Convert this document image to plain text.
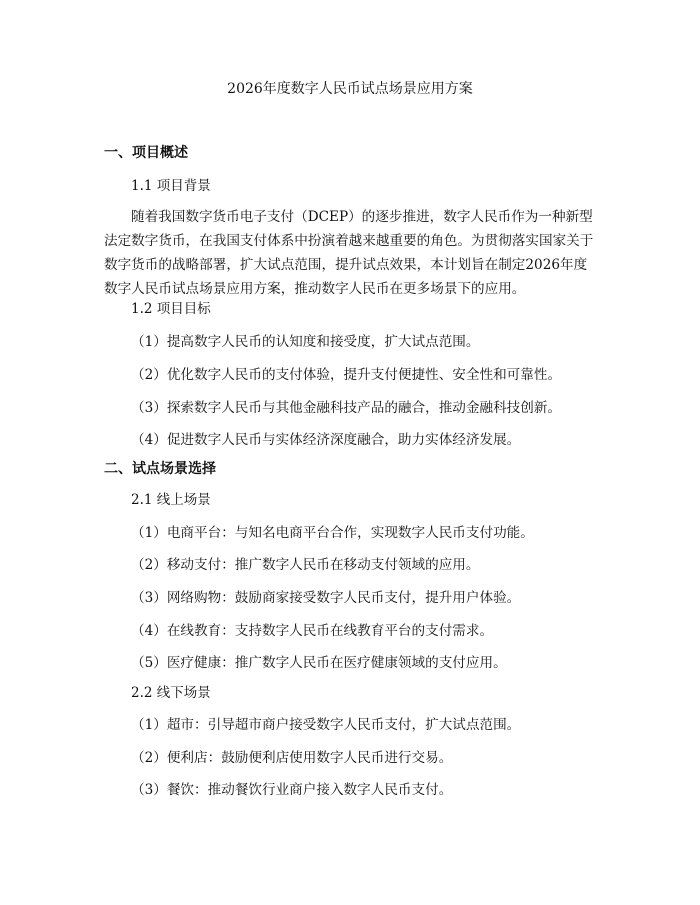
2026年度数字人民币试点场景应用方案
一、项目概述
1.1 项目背景

随着我国数字货币电子支付（DCEP）的逐步推进，数字人民币作为一种新型法定数字货币，在我国支付体系中扮演着越来越重要的角色。为贯彻落实国家关于数字货币的战略部署，扩大试点范围，提升试点效果，本计划旨在制定2026年度数字人民币试点场景应用方案，推动数字人民币在更多场景下的应用。

1.2 项目目标
（1）提高数字人民币的认知度和接受度，扩大试点范围。
（2）优化数字人民币的支付体验，提升支付便捷性、安全性和可靠性。
（3）探索数字人民币与其他金融科技产品的融合，推动金融科技创新。
（4）促进数字人民币与实体经济深度融合，助力实体经济发展。
二、试点场景选择
2.1 线上场景
（1）电商平台：与知名电商平台合作，实现数字人民币支付功能。
（2）移动支付：推广数字人民币在移动支付领域的应用。
（3）网络购物：鼓励商家接受数字人民币支付，提升用户体验。
（4）在线教育：支持数字人民币在线教育平台的支付需求。
（5）医疗健康：推广数字人民币在医疗健康领域的支付应用。
2.2 线下场景
（1）超市：引导超市商户接受数字人民币支付，扩大试点范围。
（2）便利店：鼓励便利店使用数字人民币进行交易。
（3）餐饮：推动餐饮行业商户接入数字人民币支付。
